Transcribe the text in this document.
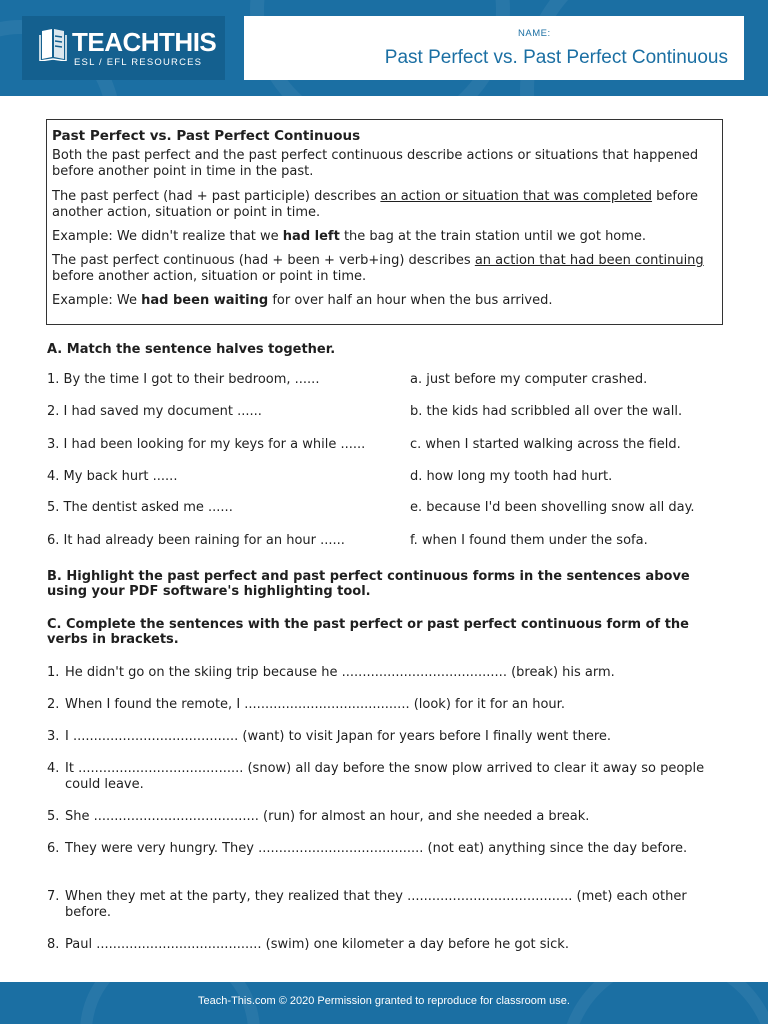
TEACHTHIS
ESL / EFL RESOURCES
NAME:
Past Perfect vs. Past Perfect Continuous
Past Perfect vs. Past Perfect Continuous

Both the past perfect and the past perfect continuous describe actions or situations that happened before another point in time in the past.

The past perfect (had + past participle) describes an action or situation that was completed before another action, situation or point in time.

Example: We didn't realize that we had left the bag at the train station until we got home.

The past perfect continuous (had + been + verb+ing) describes an action that had been continuing before another action, situation or point in time.

Example: We had been waiting for over half an hour when the bus arrived.

A. Match the sentence halves together.
1. By the time I got to their bedroom, ......
2. I had saved my document ......
3. I had been looking for my keys for a while ......
4. My back hurt ......
5. The dentist asked me ......
6. It had already been raining for an hour ......
a. just before my computer crashed.
b. the kids had scribbled all over the wall.
c. when I started walking across the field.
d. how long my tooth had hurt.
e. because I'd been shovelling snow all day.
f. when I found them under the sofa.
B. Highlight the past perfect and past perfect continuous forms in the sentences above using your PDF software's highlighting tool.
C. Complete the sentences with the past perfect or past perfect continuous form of the verbs in brackets.
1. He didn't go on the skiing trip because he ........................................ (break) his arm.
2. When I found the remote, I ........................................ (look) for it for an hour.
3. I ........................................ (want) to visit Japan for years before I finally went there.
4. It ........................................ (snow) all day before the snow plow arrived to clear it away so people could leave.
5. She ........................................ (run) for almost an hour, and she needed a break.
6. They were very hungry. They ........................................ (not eat) anything since the day before.
7. When they met at the party, they realized that they ........................................ (met) each other before.
8. Paul ........................................ (swim) one kilometer a day before he got sick.
Teach-This.com © 2020 Permission granted to reproduce for classroom use.
